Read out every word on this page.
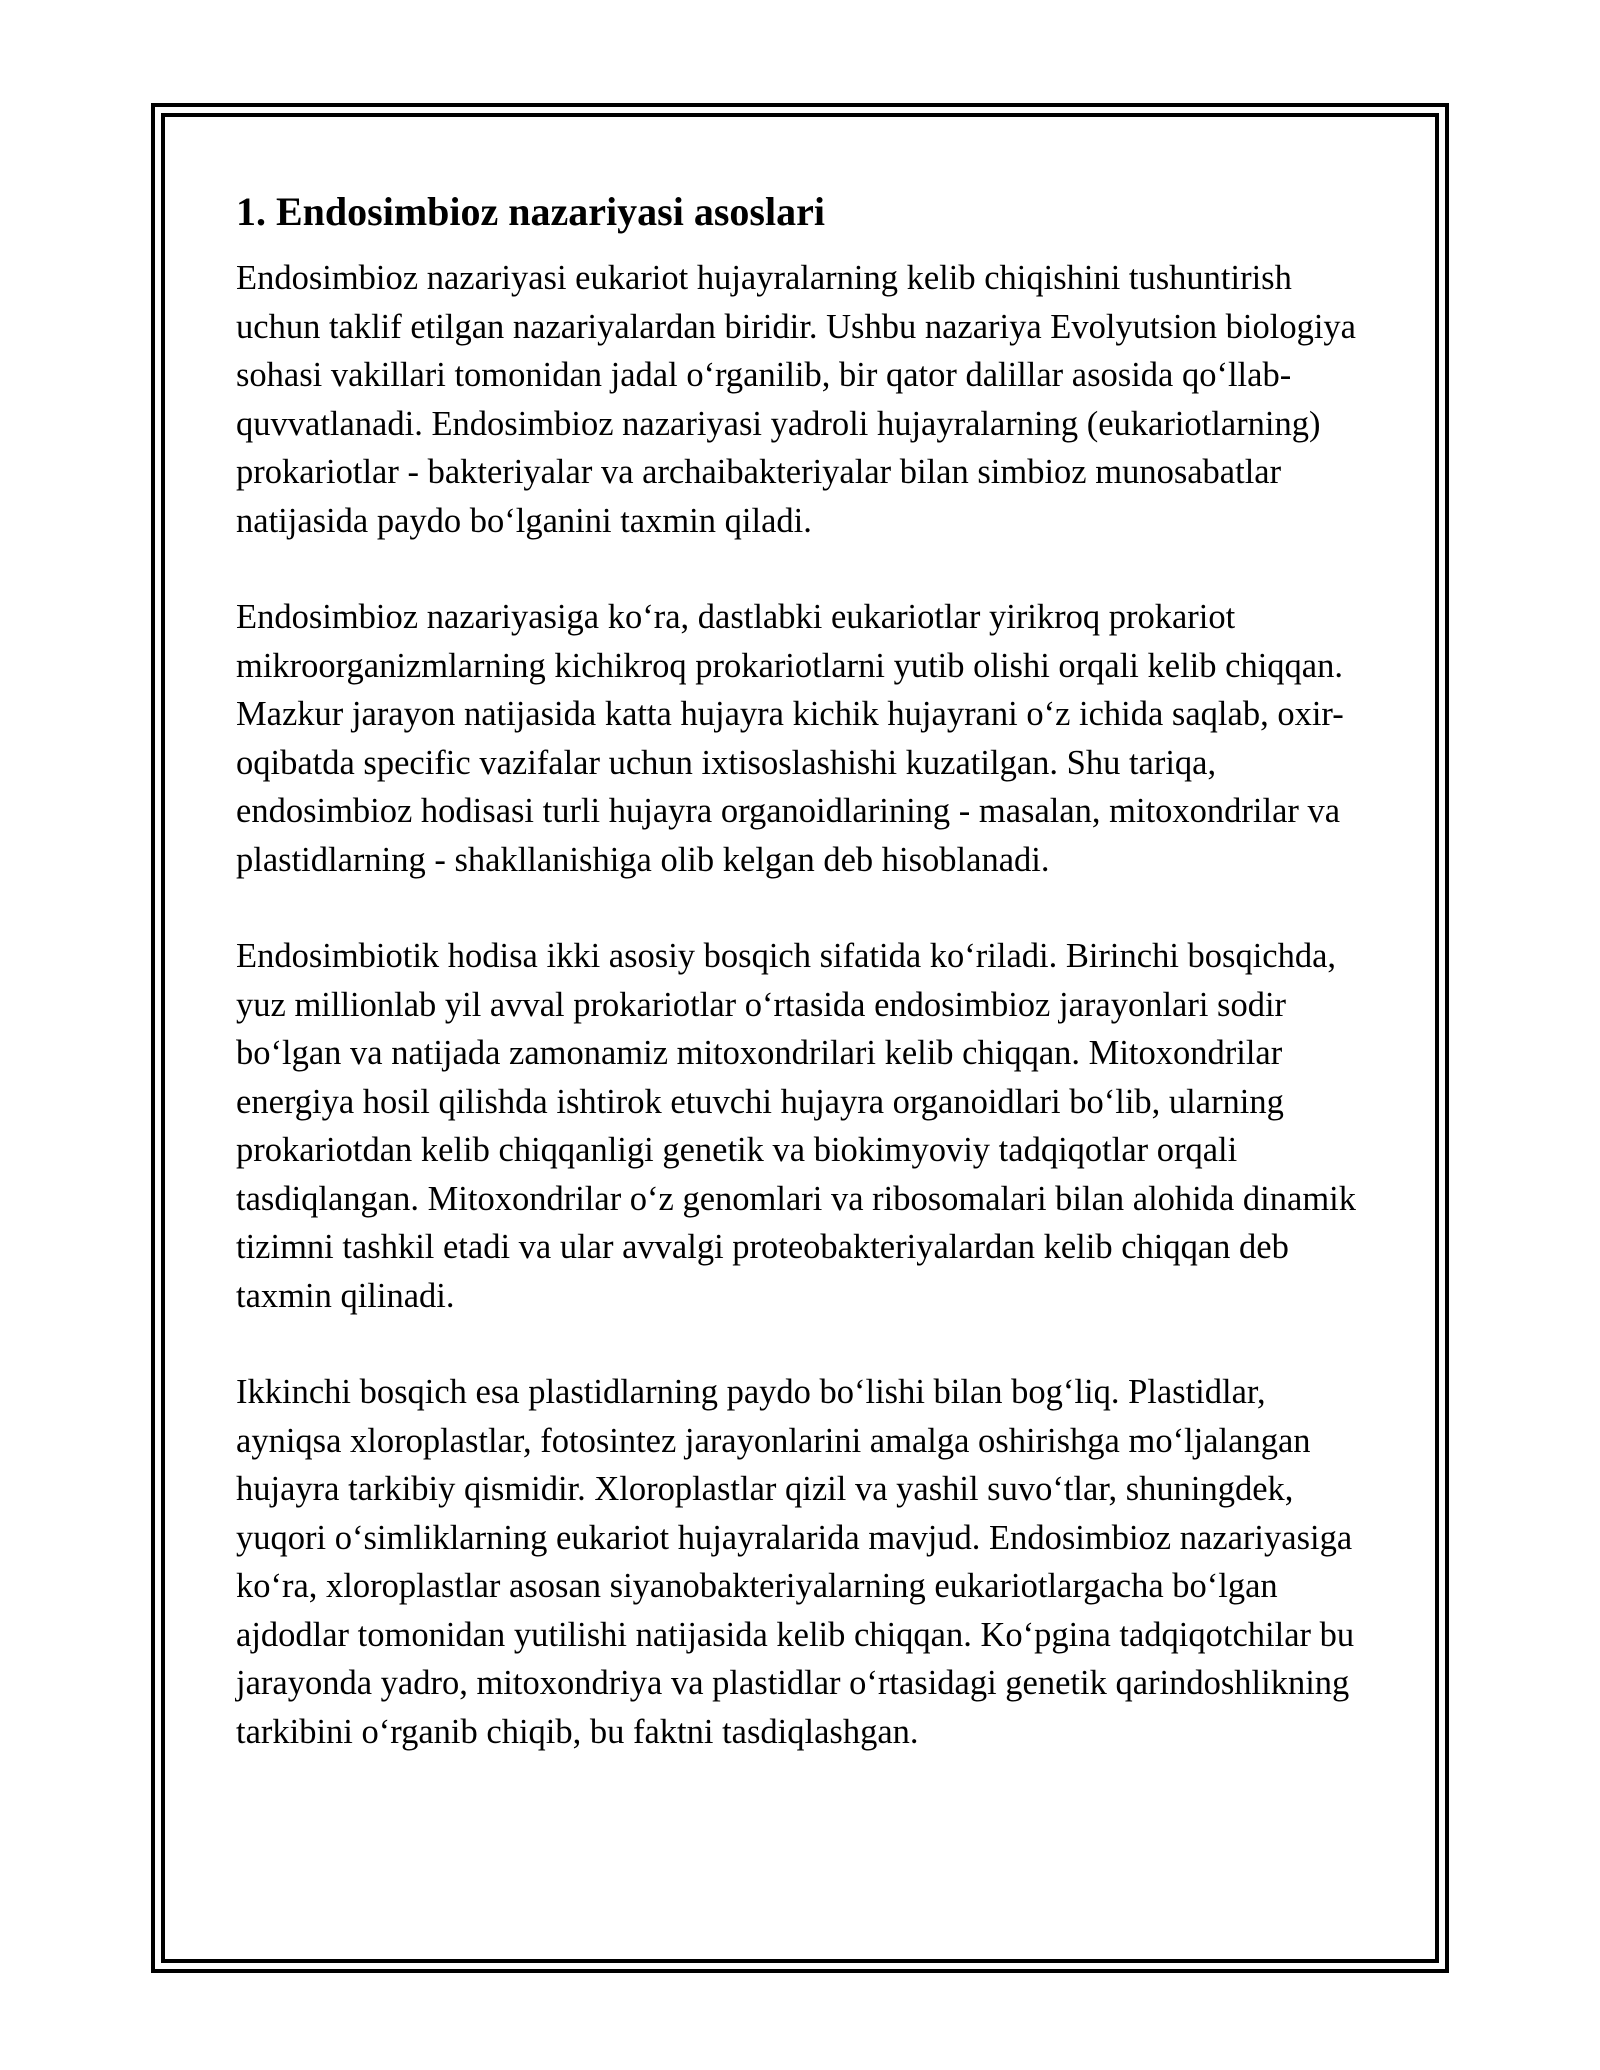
1. Endosimbioz nazariyasi asoslari

Endosimbioz nazariyasi eukariot hujayralarning kelib chiqishini tushuntirish uchun taklif etilgan nazariyalardan biridir. Ushbu nazariya Evolyutsion biologiya sohasi vakillari tomonidan jadal o‘rganilib, bir qator dalillar asosida qo‘llab-quvvatlanadi. Endosimbioz nazariyasi yadroli hujayralarning (eukariotlarning) prokariotlar - bakteriyalar va archaibakteriyalar bilan simbioz munosabatlar natijasida paydo bo‘lganini taxmin qiladi.

Endosimbioz nazariyasiga ko‘ra, dastlabki eukariotlar yirikroq prokariot mikroorganizmlarning kichikroq prokariotlarni yutib olishi orqali kelib chiqqan. Mazkur jarayon natijasida katta hujayra kichik hujayrani o‘z ichida saqlab, oxir-oqibatda specific vazifalar uchun ixtisoslashishi kuzatilgan. Shu tariqa, endosimbioz hodisasi turli hujayra organoidlarining - masalan, mitoxondrilar va plastidlarning - shakllanishiga olib kelgan deb hisoblanadi.

Endosimbiotik hodisa ikki asosiy bosqich sifatida ko‘riladi. Birinchi bosqichda, yuz millionlab yil avval prokariotlar o‘rtasida endosimbioz jarayonlari sodir bo‘lgan va natijada zamonamiz mitoxondrilari kelib chiqqan. Mitoxondrilar energiya hosil qilishda ishtirok etuvchi hujayra organoidlari bo‘lib, ularning prokariotdan kelib chiqqanligi genetik va biokimyoviy tadqiqotlar orqali tasdiqlangan. Mitoxondrilar o‘z genomlari va ribosomalari bilan alohida dinamik tizimni tashkil etadi va ular avvalgi proteobakteriyalardan kelib chiqqan deb taxmin qilinadi.

Ikkinchi bosqich esa plastidlarning paydo bo‘lishi bilan bog‘liq. Plastidlar, ayniqsa xloroplastlar, fotosintez jarayonlarini amalga oshirishga mo‘ljalangan hujayra tarkibiy qismidir. Xloroplastlar qizil va yashil suvo‘tlar, shuningdek, yuqori o‘simliklarning eukariot hujayralarida mavjud. Endosimbioz nazariyasiga ko‘ra, xloroplastlar asosan siyanobakteriyalarning eukariotlargacha bo‘lgan ajdodlar tomonidan yutilishi natijasida kelib chiqqan. Ko‘pgina tadqiqotchilar bu jarayonda yadro, mitoxondriya va plastidlar o‘rtasidagi genetik qarindoshlikning tarkibini o‘rganib chiqib, bu faktni tasdiqlashgan.
